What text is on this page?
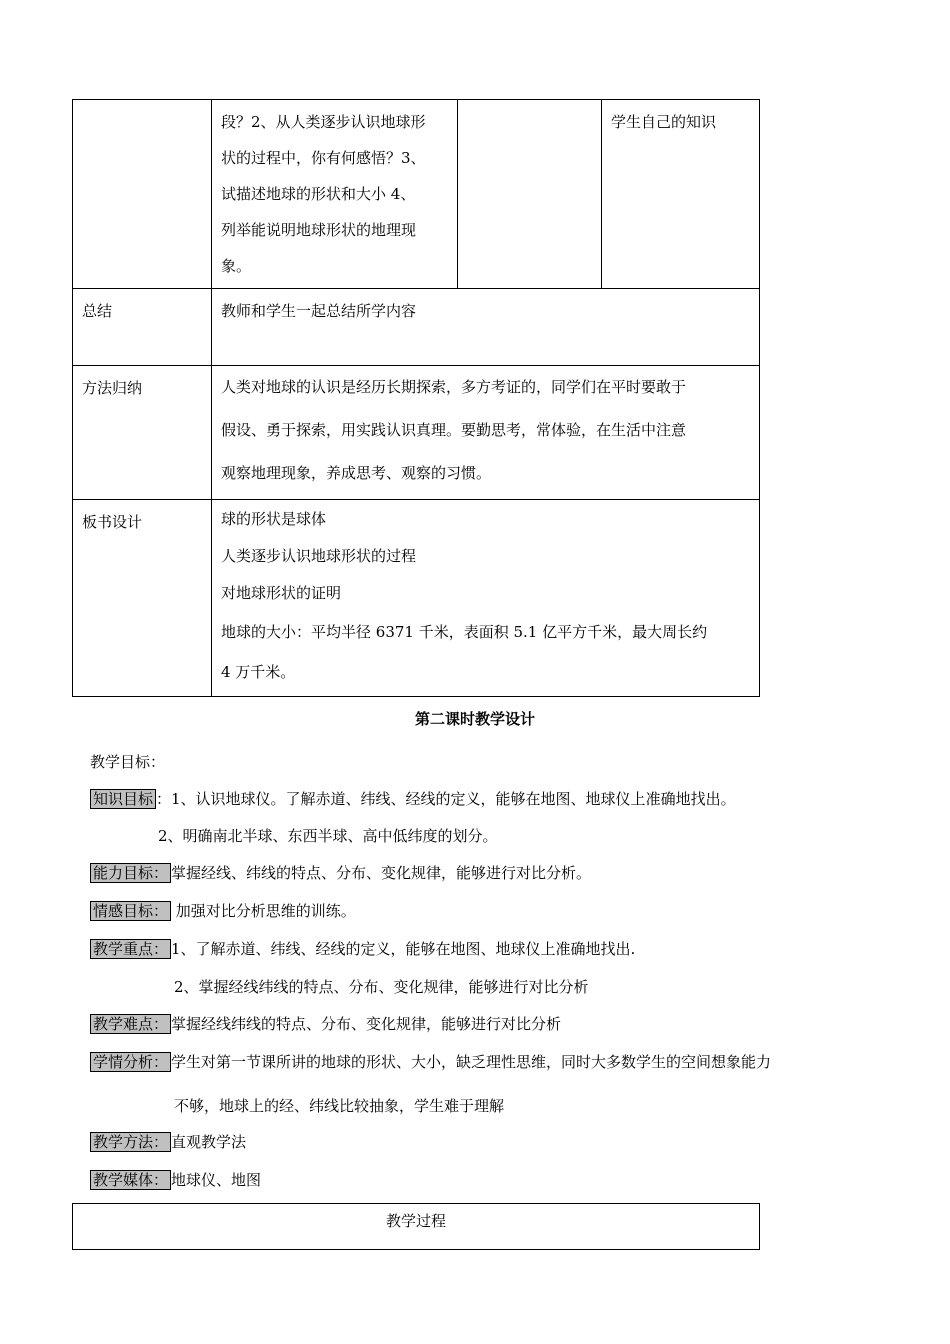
	段？2、从人类逐步认识地球形
状的过程中，你有何感悟？3、
试描述地球的形状和大小 4、
列举能说明地球形状的地理现
象。		学生自己的知识
总结	教师和学生一起总结所学内容		
方法归纳	人类对地球的认识是经历长期探索，多方考证的，同学们在平时要敢于
假设、勇于探索，用实践认识真理。要勤思考，常体验，在生活中注意
观察地理现象，养成思考、观察的习惯。		

板书设计	球的形状是球体
人类逐步认识地球形状的过程
对地球形状的证明
地球的大小：平均半径 6371 千米，表面积 5.1 亿平方千米，最大周长约
4 万千米。		
第二课时教学设计
教学目标：
知识目标 ：1、认识地球仪。了解赤道、纬线、经线的定义，能够在地图、地球仪上准确地找出。
2、明确南北半球、东西半球、高中低纬度的划分。
能力目标： 掌握经线、纬线的特点、分布、变化规律，能够进行对比分析。
情感目标： 加强对比分析思维的训练。
教学重点： 1、了解赤道、纬线、经线的定义，能够在地图、地球仪上准确地找出.
2、掌握经线纬线的特点、分布、变化规律，能够进行对比分析
教学难点： 掌握经线纬线的特点、分布、变化规律，能够进行对比分析
学情分析： 学生对第一节课所讲的地球的形状、大小，缺乏理性思维，同时大多数学生的空间想象能力
不够，地球上的经、纬线比较抽象，学生难于理解
教学方法： 直观教学法
教学媒体： 地球仪、地图
教学过程
